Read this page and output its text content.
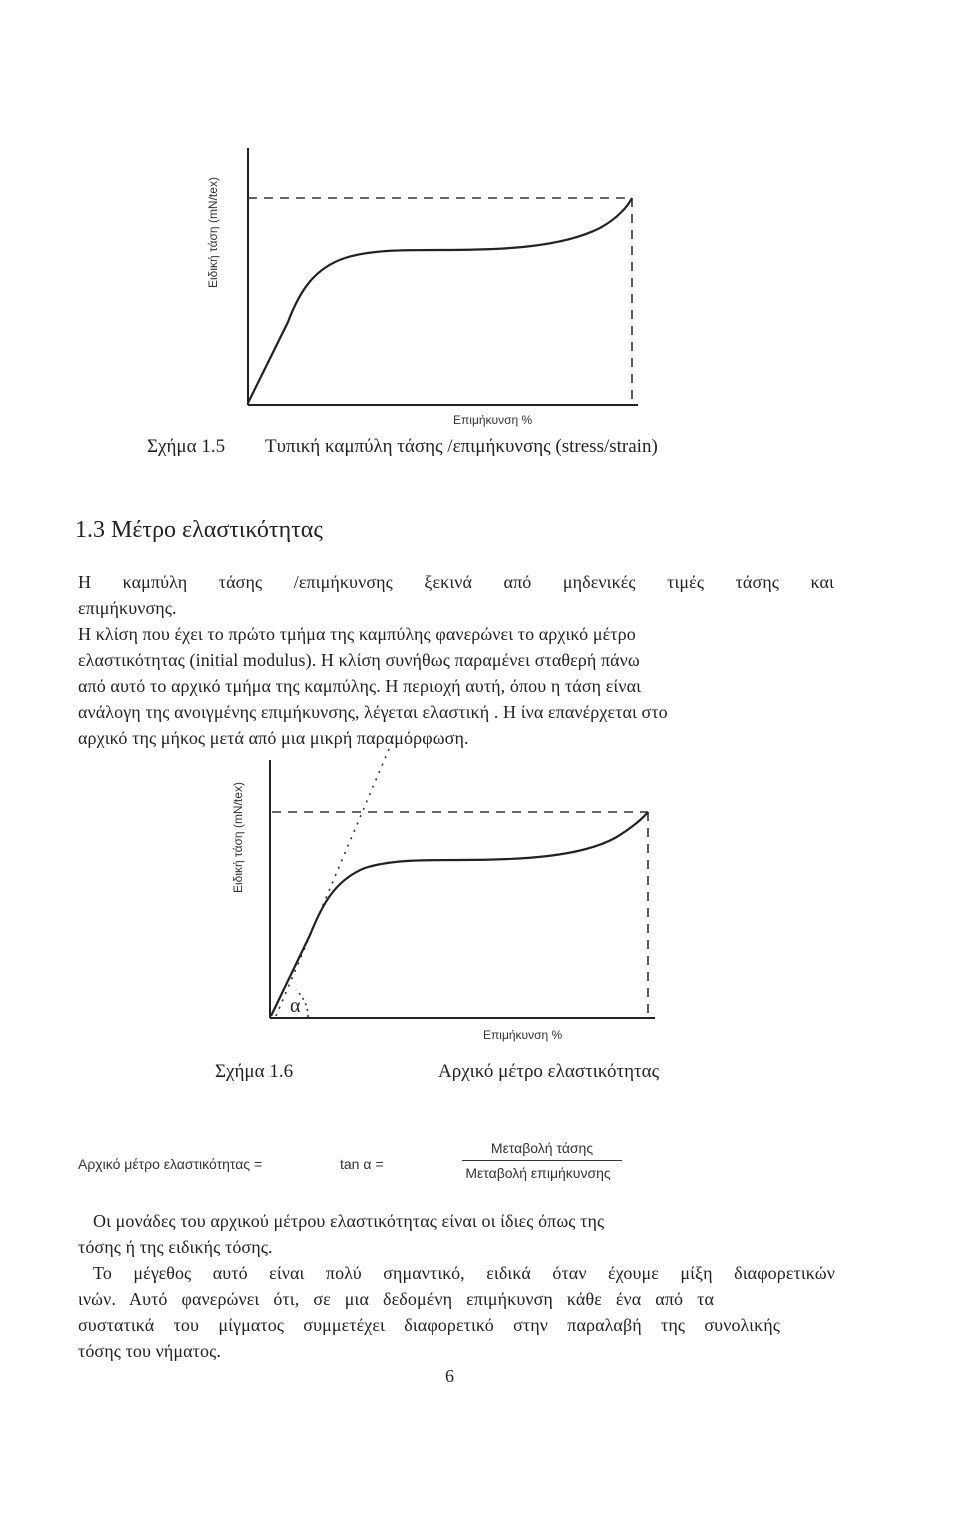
Ειδική τάση (mN/tex)
Επιμήκυνση %
Σχήμα 1.5 Τυπική καμπύλη τάσης /επιμήκυνσης (stress/strain)
1.3 Μέτρο ελαστικότητας
Η καμπύλη τάσης /επιμήκυνσης ξεκινά από μηδενικές τιμές τάσης και
επιμήκυνσης.
Η κλίση που έχει το πρώτο τμήμα της καμπύλης φανερώνει το αρχικό μέτρο
ελαστικότητας (initial modulus). Η κλίση συνήθως παραμένει σταθερή πάνω
από αυτό το αρχικό τμήμα της καμπύλης. Η περιοχή αυτή, όπου η τάση είναι
ανάλογη της ανοιγμένης επιμήκυνσης, λέγεται ελαστική . Η ίνα επανέρχεται στο
αρχικό της μήκος μετά από μια μικρή παραμόρφωση.
Ειδική τάση (mN/tex)
α
Επιμήκυνση %
Σχήμα 1.6	Αρχικό μέτρο ελαστικότητας
Αρχικό μέτρο ελαστικότητας =	tan α =
Μεταβολή τάσης
Μεταβολή επιμήκυνσης
Οι μονάδες του αρχικού μέτρου ελαστικότητας είναι οι ίδιες όπως της
τόσης ή της ειδικής τόσης.
Το μέγεθος αυτό είναι πολύ σημαντικό, ειδικά όταν έχουμε μίξη διαφορετικών
ινών. Αυτό φανερώνει ότι, σε μια δεδομένη επιμήκυνση κάθε ένα από τα
συστατικά του μίγματος συμμετέχει διαφορετικό στην παραλαβή της συνολικής
τόσης του νήματος.
6
